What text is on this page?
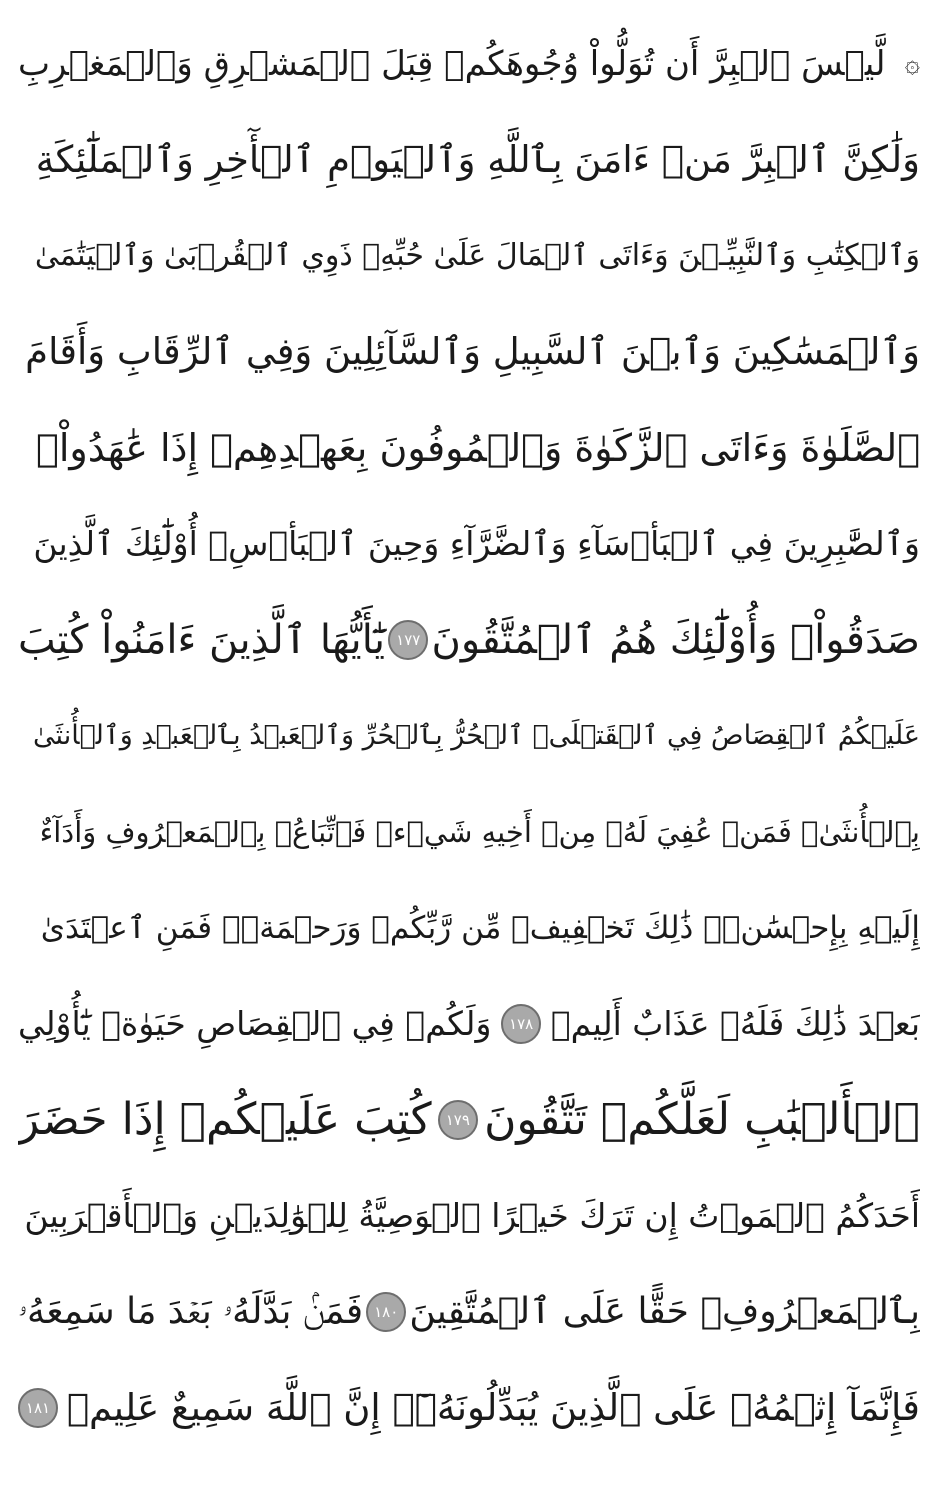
۞
لَّيۡسَ ٱلۡبِرَّ أَن تُوَلُّواْ وُجُوهَكُمۡ قِبَلَ ٱلۡمَشۡرِقِ وَٱلۡمَغۡرِبِ
وَلَٰكِنَّ ٱلۡبِرَّ مَنۡ ءَامَنَ بِٱللَّهِ وَٱلۡيَوۡمِ ٱلۡأٓخِرِ وَٱلۡمَلَٰٓئِكَةِ
وَٱلۡكِتَٰبِ وَٱلنَّبِيِّـۧنَ وَءَاتَى ٱلۡمَالَ عَلَىٰ حُبِّهِۦ ذَوِي ٱلۡقُرۡبَىٰ وَٱلۡيَتَٰمَىٰ
وَٱلۡمَسَٰكِينَ وَٱبۡنَ ٱلسَّبِيلِ وَٱلسَّآئِلِينَ وَفِي ٱلرِّقَابِ وَأَقَامَ
ٱلصَّلَوٰةَ وَءَاتَى ٱلزَّكَوٰةَ وَٱلۡمُوفُونَ بِعَهۡدِهِمۡ إِذَا عَٰهَدُواْۖ
وَٱلصَّٰبِرِينَ فِي ٱلۡبَأۡسَآءِ وَٱلضَّرَّآءِ وَحِينَ ٱلۡبَأۡسِۗ أُوْلَٰٓئِكَ ٱلَّذِينَ
صَدَقُواْۖ وَأُوْلَٰٓئِكَ هُمُ ٱلۡمُتَّقُونَ
١٧٧
يَٰٓأَيُّهَا ٱلَّذِينَ ءَامَنُواْ كُتِبَ
عَلَيۡكُمُ ٱلۡقِصَاصُ فِي ٱلۡقَتۡلَىۖ ٱلۡحُرُّ بِٱلۡحُرِّ وَٱلۡعَبۡدُ بِٱلۡعَبۡدِ وَٱلۡأُنثَىٰ
بِٱلۡأُنثَىٰۚ فَمَنۡ عُفِيَ لَهُۥ مِنۡ أَخِيهِ شَيۡءٞ فَٱتِّبَاعُۢ بِٱلۡمَعۡرُوفِ وَأَدَآءٌ
إِلَيۡهِ بِإِحۡسَٰنٖۗ ذَٰلِكَ تَخۡفِيفٞ مِّن رَّبِّكُمۡ وَرَحۡمَةٞۗ فَمَنِ ٱعۡتَدَىٰ
بَعۡدَ ذَٰلِكَ فَلَهُۥ عَذَابٌ أَلِيمٞ
١٧٨
وَلَكُمۡ فِي ٱلۡقِصَاصِ حَيَوٰةٞ يَٰٓأُوْلِي
ٱلۡأَلۡبَٰبِ لَعَلَّكُمۡ تَتَّقُونَ
١٧٩
كُتِبَ عَلَيۡكُمۡ إِذَا حَضَرَ
أَحَدَكُمُ ٱلۡمَوۡتُ إِن تَرَكَ خَيۡرًا ٱلۡوَصِيَّةُ لِلۡوَٰلِدَيۡنِ وَٱلۡأَقۡرَبِينَ
بِٱلۡمَعۡرُوفِۖ حَقًّا عَلَى ٱلۡمُتَّقِينَ
١٨٠
فَمَنۢ بَدَّلَهُۥ بَعۡدَ مَا سَمِعَهُۥ
فَإِنَّمَآ إِثۡمُهُۥ عَلَى ٱلَّذِينَ يُبَدِّلُونَهُۥٓۚ إِنَّ ٱللَّهَ سَمِيعٌ عَلِيمٞ
١٨١
